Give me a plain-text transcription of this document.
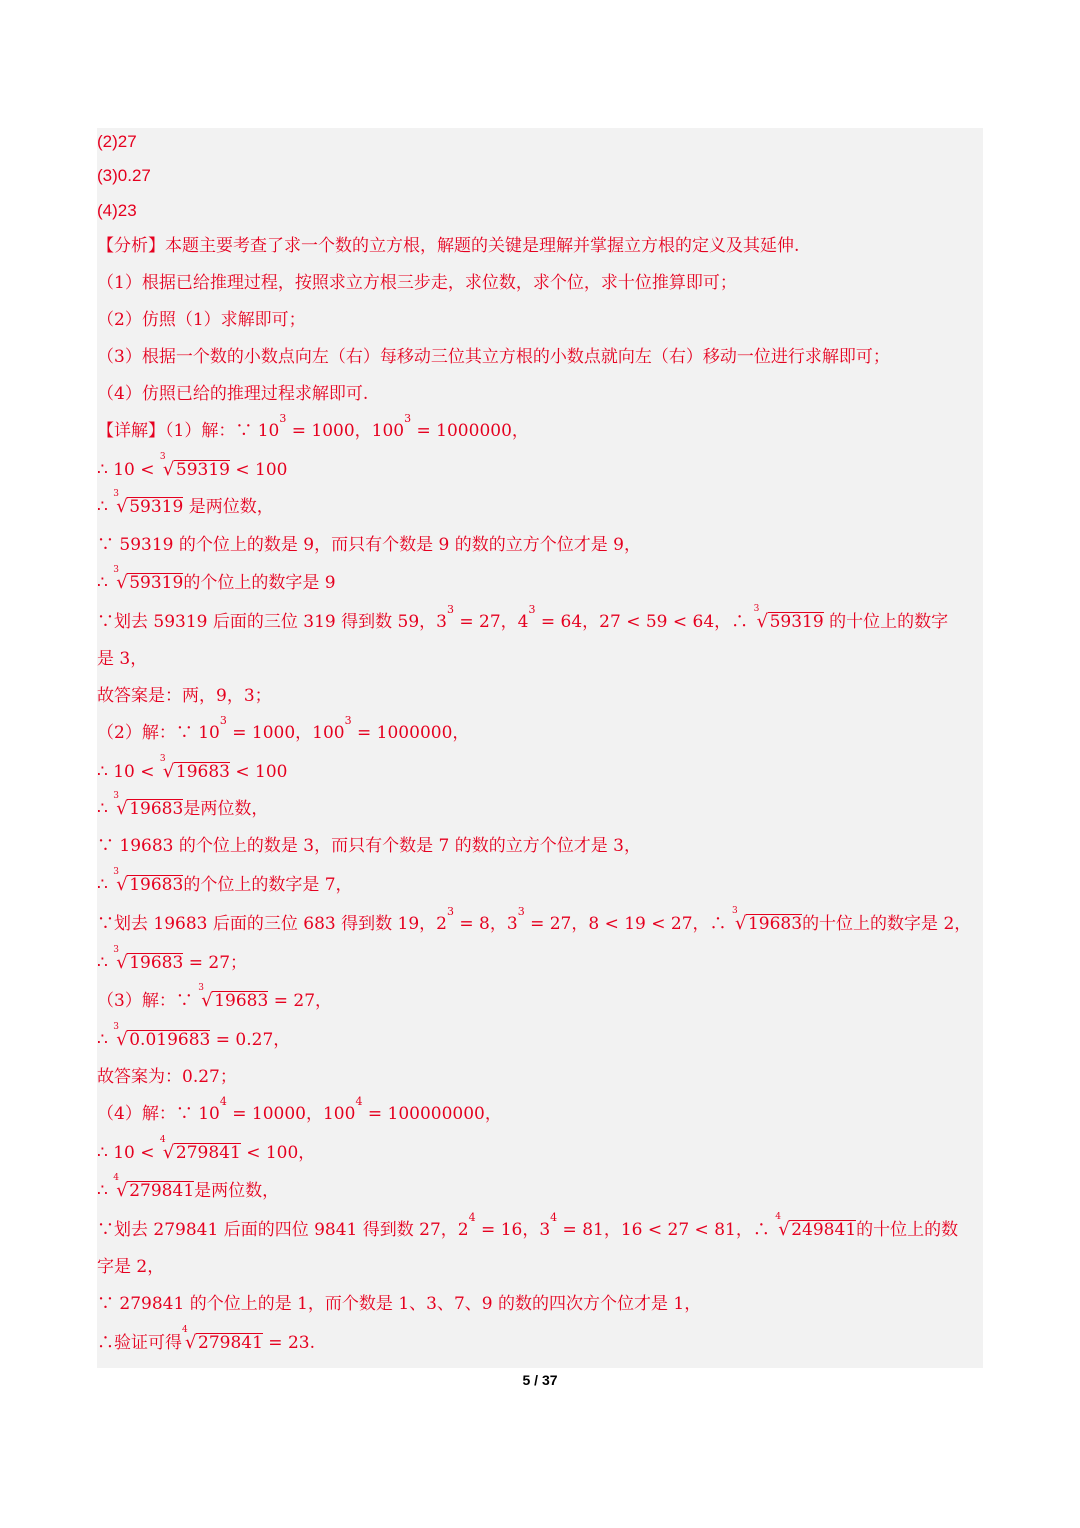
(2)27
(3)0.27
(4)23
【分析】本题主要考查了求一个数的立方根，解题的关键是理解并掌握立方根的定义及其延伸.
（1）根据已给推理过程，按照求立方根三步走，求位数，求个位，求十位推算即可；
（2）仿照（1）求解即可；
（3）根据一个数的小数点向左（右）每移动三位其立方根的小数点就向左（右）移动一位进行求解即可；
（4）仿照已给的推理过程求解即可.
【详解】（1）解：∵ $10^3 = 1000$，$100^3 = 1000000$，
∴ 10 <
3
√ 59319 < 100
∴
3
√ 59319 是两位数，
∵ 59319 的个位上的数是 9，而只有个数是 9 的数的立方个位才是 9，
∴
3
√ 59319的个位上的数字是 9
∵划去 59319 后面的三位 319 得到数 59，$3^3 = 27$，$4^3 = 64$，27 < 59 < 64，∴
3
√ 59319 的十位上的数字
是 3，
故答案是：两，9，3；
（2）解：∵ $10^3 = 1000$，$100^3 = 1000000$，
∴ 10 <
3
√ 19683 < 100
∴
3
√ 19683是两位数，
∵ 19683 的个位上的数是 3，而只有个数是 7 的数的立方个位才是 3，
∴
3
√ 19683的个位上的数字是 7，
∵划去 19683 后面的三位 683 得到数 19，$2^3 = 8$，$3^3 = 27$，8 < 19 < 27，∴
3
√ 19683的十位上的数字是 2，
∴
3
√ 19683 = 27；
（3）解：∵
3
√ 19683 = 27，
∴
3
√ 0.019683 = 0.27，
故答案为：0.27；
（4）解：∵ $10^4 = 10000$，$100^4 = 100000000$，
∴ 10 <
4
√ 279841 < 100，
∴
4
√ 279841是两位数，
∵划去 279841 后面的四位 9841 得到数 27，$2^4 = 16$，$3^4 = 81$，16 < 27 < 81，∴
4
√ 249841的十位上的数
字是 2，
∵ 279841 的个位上的是 1，而个数是 1、3、7、9 的数的四次方个位才是 1，
∴验证可得
4
√ 279841 = 23.
5 / 37
